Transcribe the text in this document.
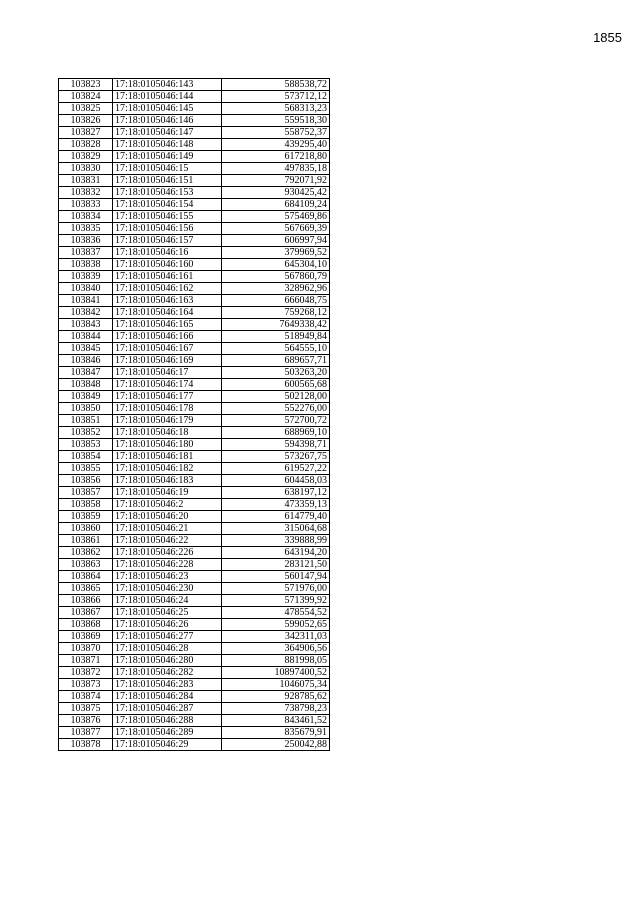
1855
103823	17:18:0105046:143	588538,72
103824	17:18:0105046:144	573712,12
103825	17:18:0105046:145	568313,23
103826	17:18:0105046:146	559518,30
103827	17:18:0105046:147	558752,37
103828	17:18:0105046:148	439295,40
103829	17:18:0105046:149	617218,80
103830	17:18:0105046:15	497835,18
103831	17:18:0105046:151	792071,92
103832	17:18:0105046:153	930425,42
103833	17:18:0105046:154	684109,24
103834	17:18:0105046:155	575469,86
103835	17:18:0105046:156	567669,39
103836	17:18:0105046:157	606997,94
103837	17:18:0105046:16	379969,52
103838	17:18:0105046:160	645304,10
103839	17:18:0105046:161	567860,79
103840	17:18:0105046:162	328962,96
103841	17:18:0105046:163	666048,75
103842	17:18:0105046:164	759268,12
103843	17:18:0105046:165	7649338,42
103844	17:18:0105046:166	518949,84
103845	17:18:0105046:167	564555,10
103846	17:18:0105046:169	689657,71
103847	17:18:0105046:17	503263,20
103848	17:18:0105046:174	600565,68
103849	17:18:0105046:177	502128,00
103850	17:18:0105046:178	552276,00
103851	17:18:0105046:179	572700,72
103852	17:18:0105046:18	688969,10
103853	17:18:0105046:180	594398,71
103854	17:18:0105046:181	573267,75
103855	17:18:0105046:182	619527,22
103856	17:18:0105046:183	604458,03
103857	17:18:0105046:19	638197,12
103858	17:18:0105046:2	473359,13
103859	17:18:0105046:20	614779,40
103860	17:18:0105046:21	315064,68
103861	17:18:0105046:22	339888,99
103862	17:18:0105046:226	643194,20
103863	17:18:0105046:228	283121,50
103864	17:18:0105046:23	560147,94
103865	17:18:0105046:230	571976,00
103866	17:18:0105046:24	571399,92
103867	17:18:0105046:25	478554,52
103868	17:18:0105046:26	599052,65
103869	17:18:0105046:277	342311,03
103870	17:18:0105046:28	364906,56
103871	17:18:0105046:280	881998,05
103872	17:18:0105046:282	10897400,52
103873	17:18:0105046:283	1046075,34
103874	17:18:0105046:284	928785,62
103875	17:18:0105046:287	738798,23
103876	17:18:0105046:288	843461,52
103877	17:18:0105046:289	835679,91
103878	17:18:0105046:29	250042,88
